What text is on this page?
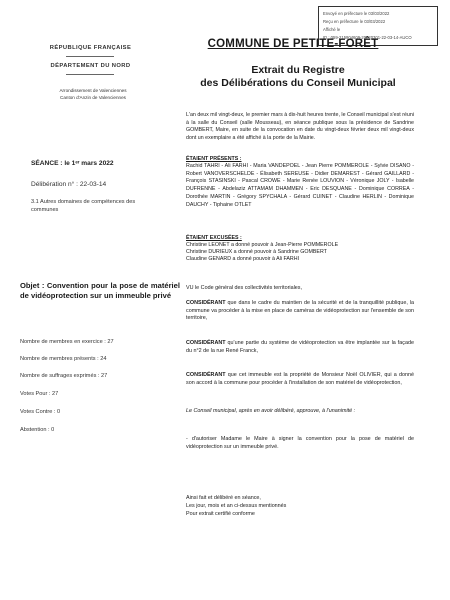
Envoyé en préfecture le 03/03/2022
Reçu en préfecture le 03/03/2022
Affiché le
ID : 059-215904609-20220301-22-03-14-AUCO
RÉPUBLIQUE FRANÇAISE
DÉPARTEMENT DU NORD
Arrondissement de Valenciennes
Canton d'Anzin de Valenciennes
COMMUNE DE PETITE-FORÊT
Extrait du Registre
des Délibérations du Conseil Municipal

L'an deux mil vingt-deux, le premier mars à dix-huit heures trente, le Conseil municipal s'est réuni à la salle du Conseil (salle Mousseau), en séance publique sous la présidence de Sandrine GOMBERT, Maire, en suite de la convocation en date du vingt-deux février deux mil vingt-deux dont un exemplaire a été affiché à la porte de la Mairie.

SÉANCE : le 1ᵉʳ mars 2022
Délibération n° : 22-03-14
3.1 Autres domaines de compétences des communes
ÉTAIENT PRÉSENTS :

Rachid TAHRI - Ali FARHI - Maria VANDEPOEL - Jean Pierre POMMEROLE - Sylvie DISANO - Robert VANOVERSCHELDE - Élisabeth SEREUSE - Didier DEMAREST - Gérard GAILLARD - François STASINSKI - Pascal CROWE - Marie Renée LOUVION - Véronique JOLY - Isabelle DUFRENNE - Abdelaziz ATTAMAM DHAMMEN - Eric DESQUANE - Dominique CORREA - Dorothée MARTIN - Grégory SPYCHALA - Gérard CUINET - Claudine HERLIN - Dominique DAUCHY - Tiphaine OTLET

ÉTAIENT EXCUSÉES :
Christine LEONET a donné pouvoir à Jean-Pierre POMMEROLE
Christine DURIEUX a donné pouvoir à Sandrine GOMBERT
Claudine GENARD a donné pouvoir à Ali FARHI

Objet : Convention pour la pose de matériel de vidéoprotection sur un immeuble privé

Nombre de membres en exercice : 27
Nombre de membres présents : 24
Nombre de suffrages exprimés : 27
Votes Pour : 27
Votes Contre : 0
Abstention : 0

VU le Code général des collectivités territoriales,

CONSIDÉRANT que dans le cadre du maintien de la sécurité et de la tranquillité publique, la commune va procéder à la mise en place de caméras de vidéoprotection sur l'ensemble de son territoire,

CONSIDÉRANT qu'une partie du système de vidéoprotection va être implantée sur la façade du n°2 de la rue René Franck,

CONSIDÉRANT que cet immeuble est la propriété de Monsieur Noël OLIVIER, qui a donné son accord à la commune pour procéder à l'installation de son matériel de vidéoprotection,

Le Conseil municipal, après en avoir délibéré, approuve, à l'unanimité :

- d'autoriser Madame le Maire à signer la convention pour la pose de matériel de vidéoprotection sur un immeuble privé.

Ainsi fait et délibéré en séance,
Les jour, mois et an ci-dessus mentionnés
Pour extrait certifié conforme
